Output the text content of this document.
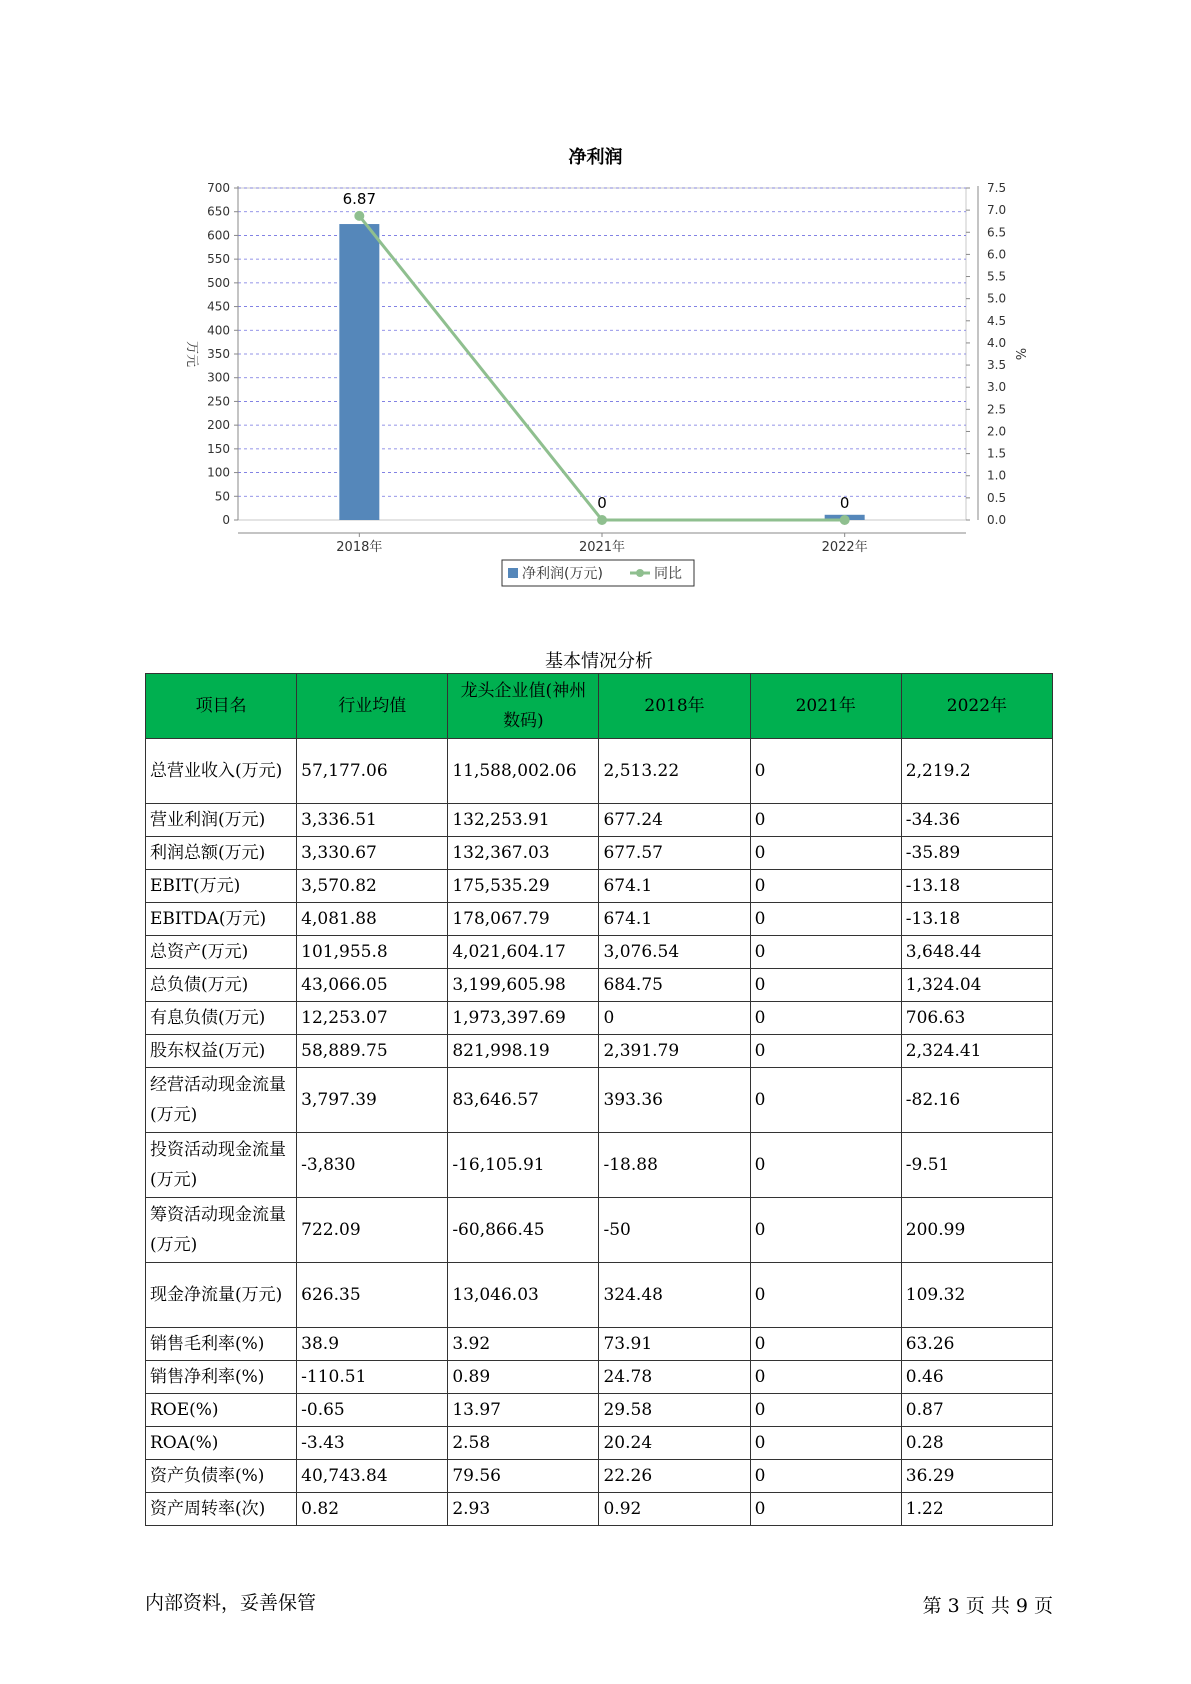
净利润
0
50
100
150
200
250
300
350
400
450
500
550
600
650
700
0.0
0.5
1.0
1.5
2.0
2.5
3.0
3.5
4.0
4.5
5.0
5.5
6.0
6.5
7.0
7.5
万元	%
2018年	2021年	2022年
6.87
0	0
净利润(万元)	同比
基本情况分析
项目名	行业均值	龙头企业值(神州数码)	2018年	2021年	2022年
总营业收入(万元)	57,177.06	11,588,002.06	2,513.22	0	2,219.2
营业利润(万元)	3,336.51	132,253.91	677.24	0	-34.36
利润总额(万元)	3,330.67	132,367.03	677.57	0	-35.89
EBIT(万元)	3,570.82	175,535.29	674.1	0	-13.18
EBITDA(万元)	4,081.88	178,067.79	674.1	0	-13.18
总资产(万元)	101,955.8	4,021,604.17	3,076.54	0	3,648.44
总负债(万元)	43,066.05	3,199,605.98	684.75	0	1,324.04
有息负债(万元)	12,253.07	1,973,397.69	0	0	706.63
股东权益(万元)	58,889.75	821,998.19	2,391.79	0	2,324.41
经营活动现金流量(万元)	3,797.39	83,646.57	393.36	0	-82.16
投资活动现金流量(万元)	-3,830	-16,105.91	-18.88	0	-9.51
筹资活动现金流量(万元)	722.09	-60,866.45	-50	0	200.99
现金净流量(万元)	626.35	13,046.03	324.48	0	109.32
销售毛利率(%)	38.9	3.92	73.91	0	63.26
销售净利率(%)	-110.51	0.89	24.78	0	0.46
ROE(%)	-0.65	13.97	29.58	0	0.87
ROA(%)	-3.43	2.58	20.24	0	0.28
资产负债率(%)	40,743.84	79.56	22.26	0	36.29
资产周转率(次)	0.82	2.93	0.92	0	1.22
内部资料，妥善保管	第 3 页 共 9 页
